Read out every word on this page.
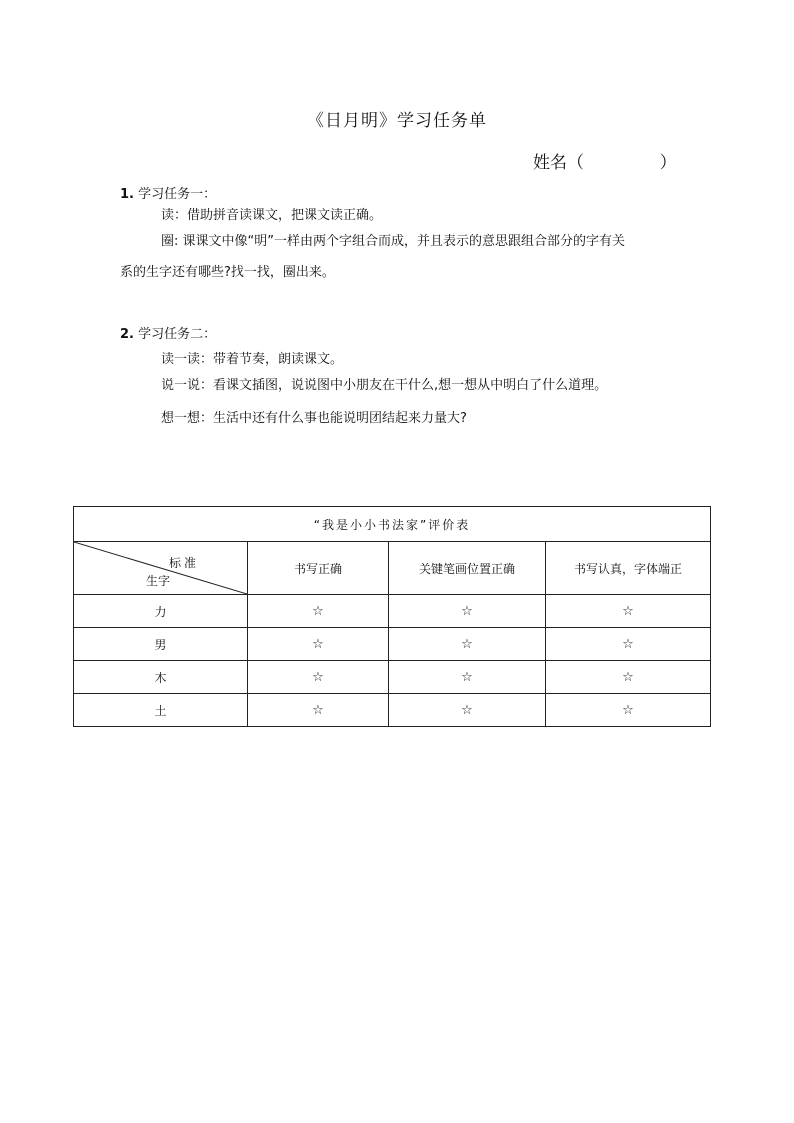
《日月明》学习任务单
姓名（              ）
1. 学习任务一：
读：借助拼音读课文，把课文读正确。
圈: 课课文中像“明”一样由两个字组合而成，并且表示的意思跟组合部分的字有关
系的生字还有哪些?找一找，圈出来。
2. 学习任务二：
读一读：带着节奏，朗读课文。
说一说：看课文插图，说说图中小朋友在干什么,想一想从中明白了什么道理。
想一想：生活中还有什么事也能说明团结起来力量大?
“我是小小书法家”评价表			

标准
生字	书写正确	关键笔画位置正确	书写认真，字体端正
力	☆	☆	☆
男	☆	☆	☆
木	☆	☆	☆
土	☆	☆	☆
